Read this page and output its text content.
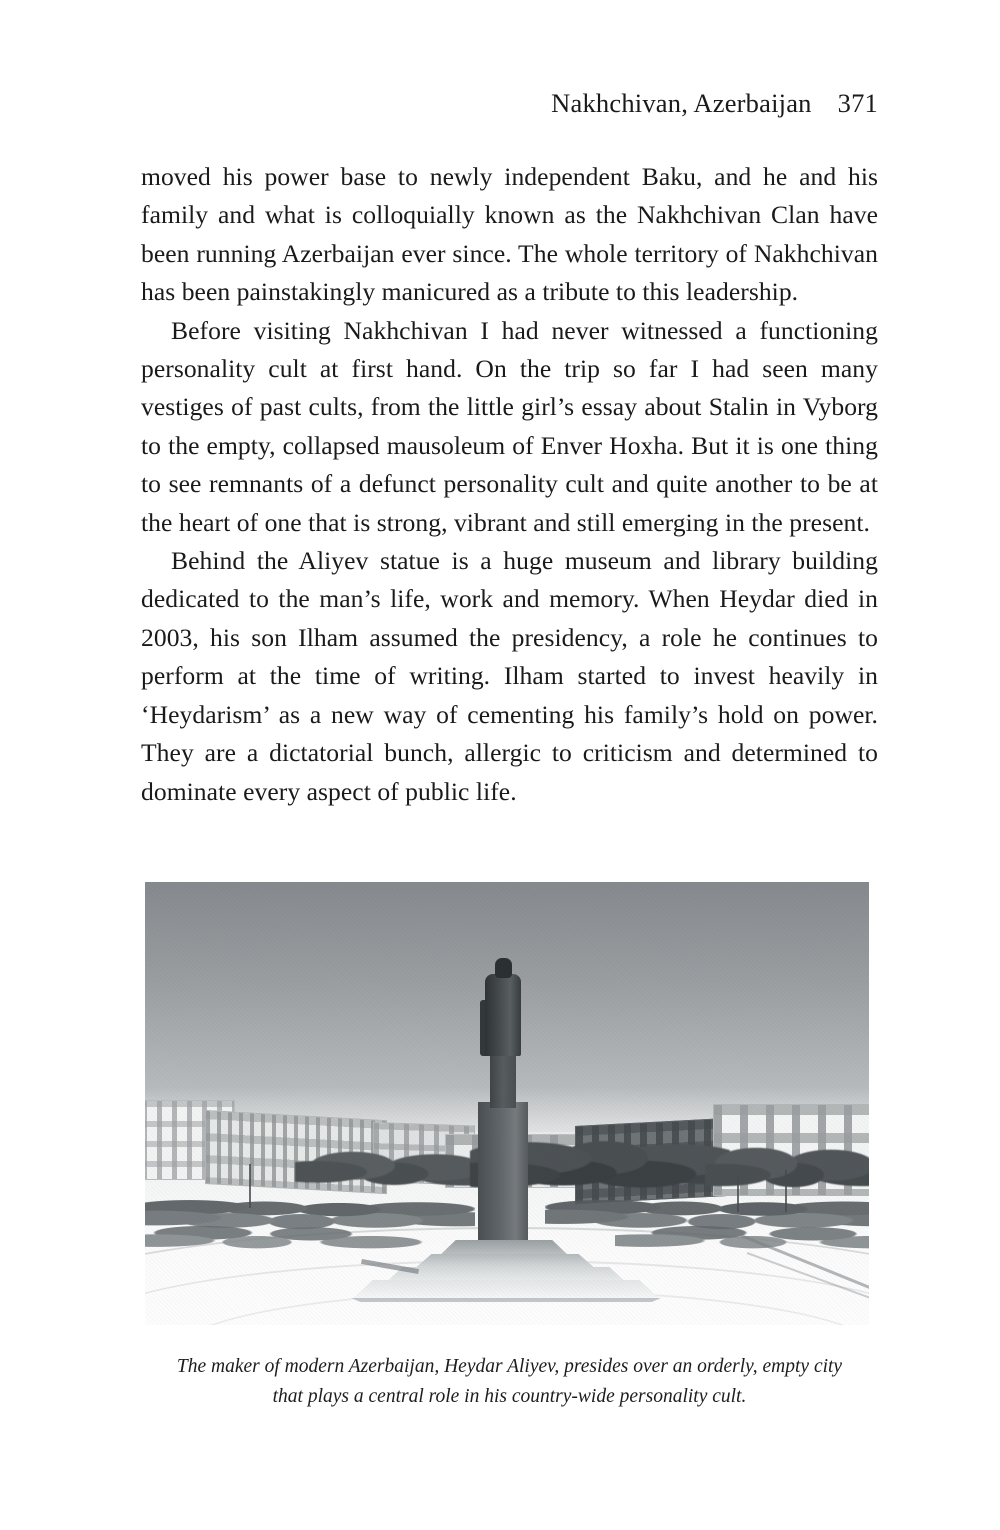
Nakhchivan, Azerbaijan 371

moved his power base to newly independent Baku, and he and his family and what is colloquially known as the Nakhchivan Clan have been running Azerbaijan ever since. The whole territory of Nakhchivan has been painstakingly manicured as a tribute to this leadership.

Before visiting Nakhchivan I had never witnessed a functioning personality cult at first hand. On the trip so far I had seen many vestiges of past cults, from the little girl’s essay about Stalin in Vyborg to the empty, collapsed mausoleum of Enver Hoxha. But it is one thing to see remnants of a defunct personality cult and quite another to be at the heart of one that is strong, vibrant and still emerging in the present.

Behind the Aliyev statue is a huge museum and library building dedicated to the man’s life, work and memory. When Heydar died in 2003, his son Ilham assumed the presidency, a role he continues to perform at the time of writing. Ilham started to invest heavily in ‘Heydarism’ as a new way of cementing his family’s hold on power. They are a dictatorial bunch, allergic to criticism and determined to dominate every aspect of public life.

The maker of modern Azerbaijan, Heydar Aliyev, presides over an orderly, empty city
that plays a central role in his country-wide personality cult.
